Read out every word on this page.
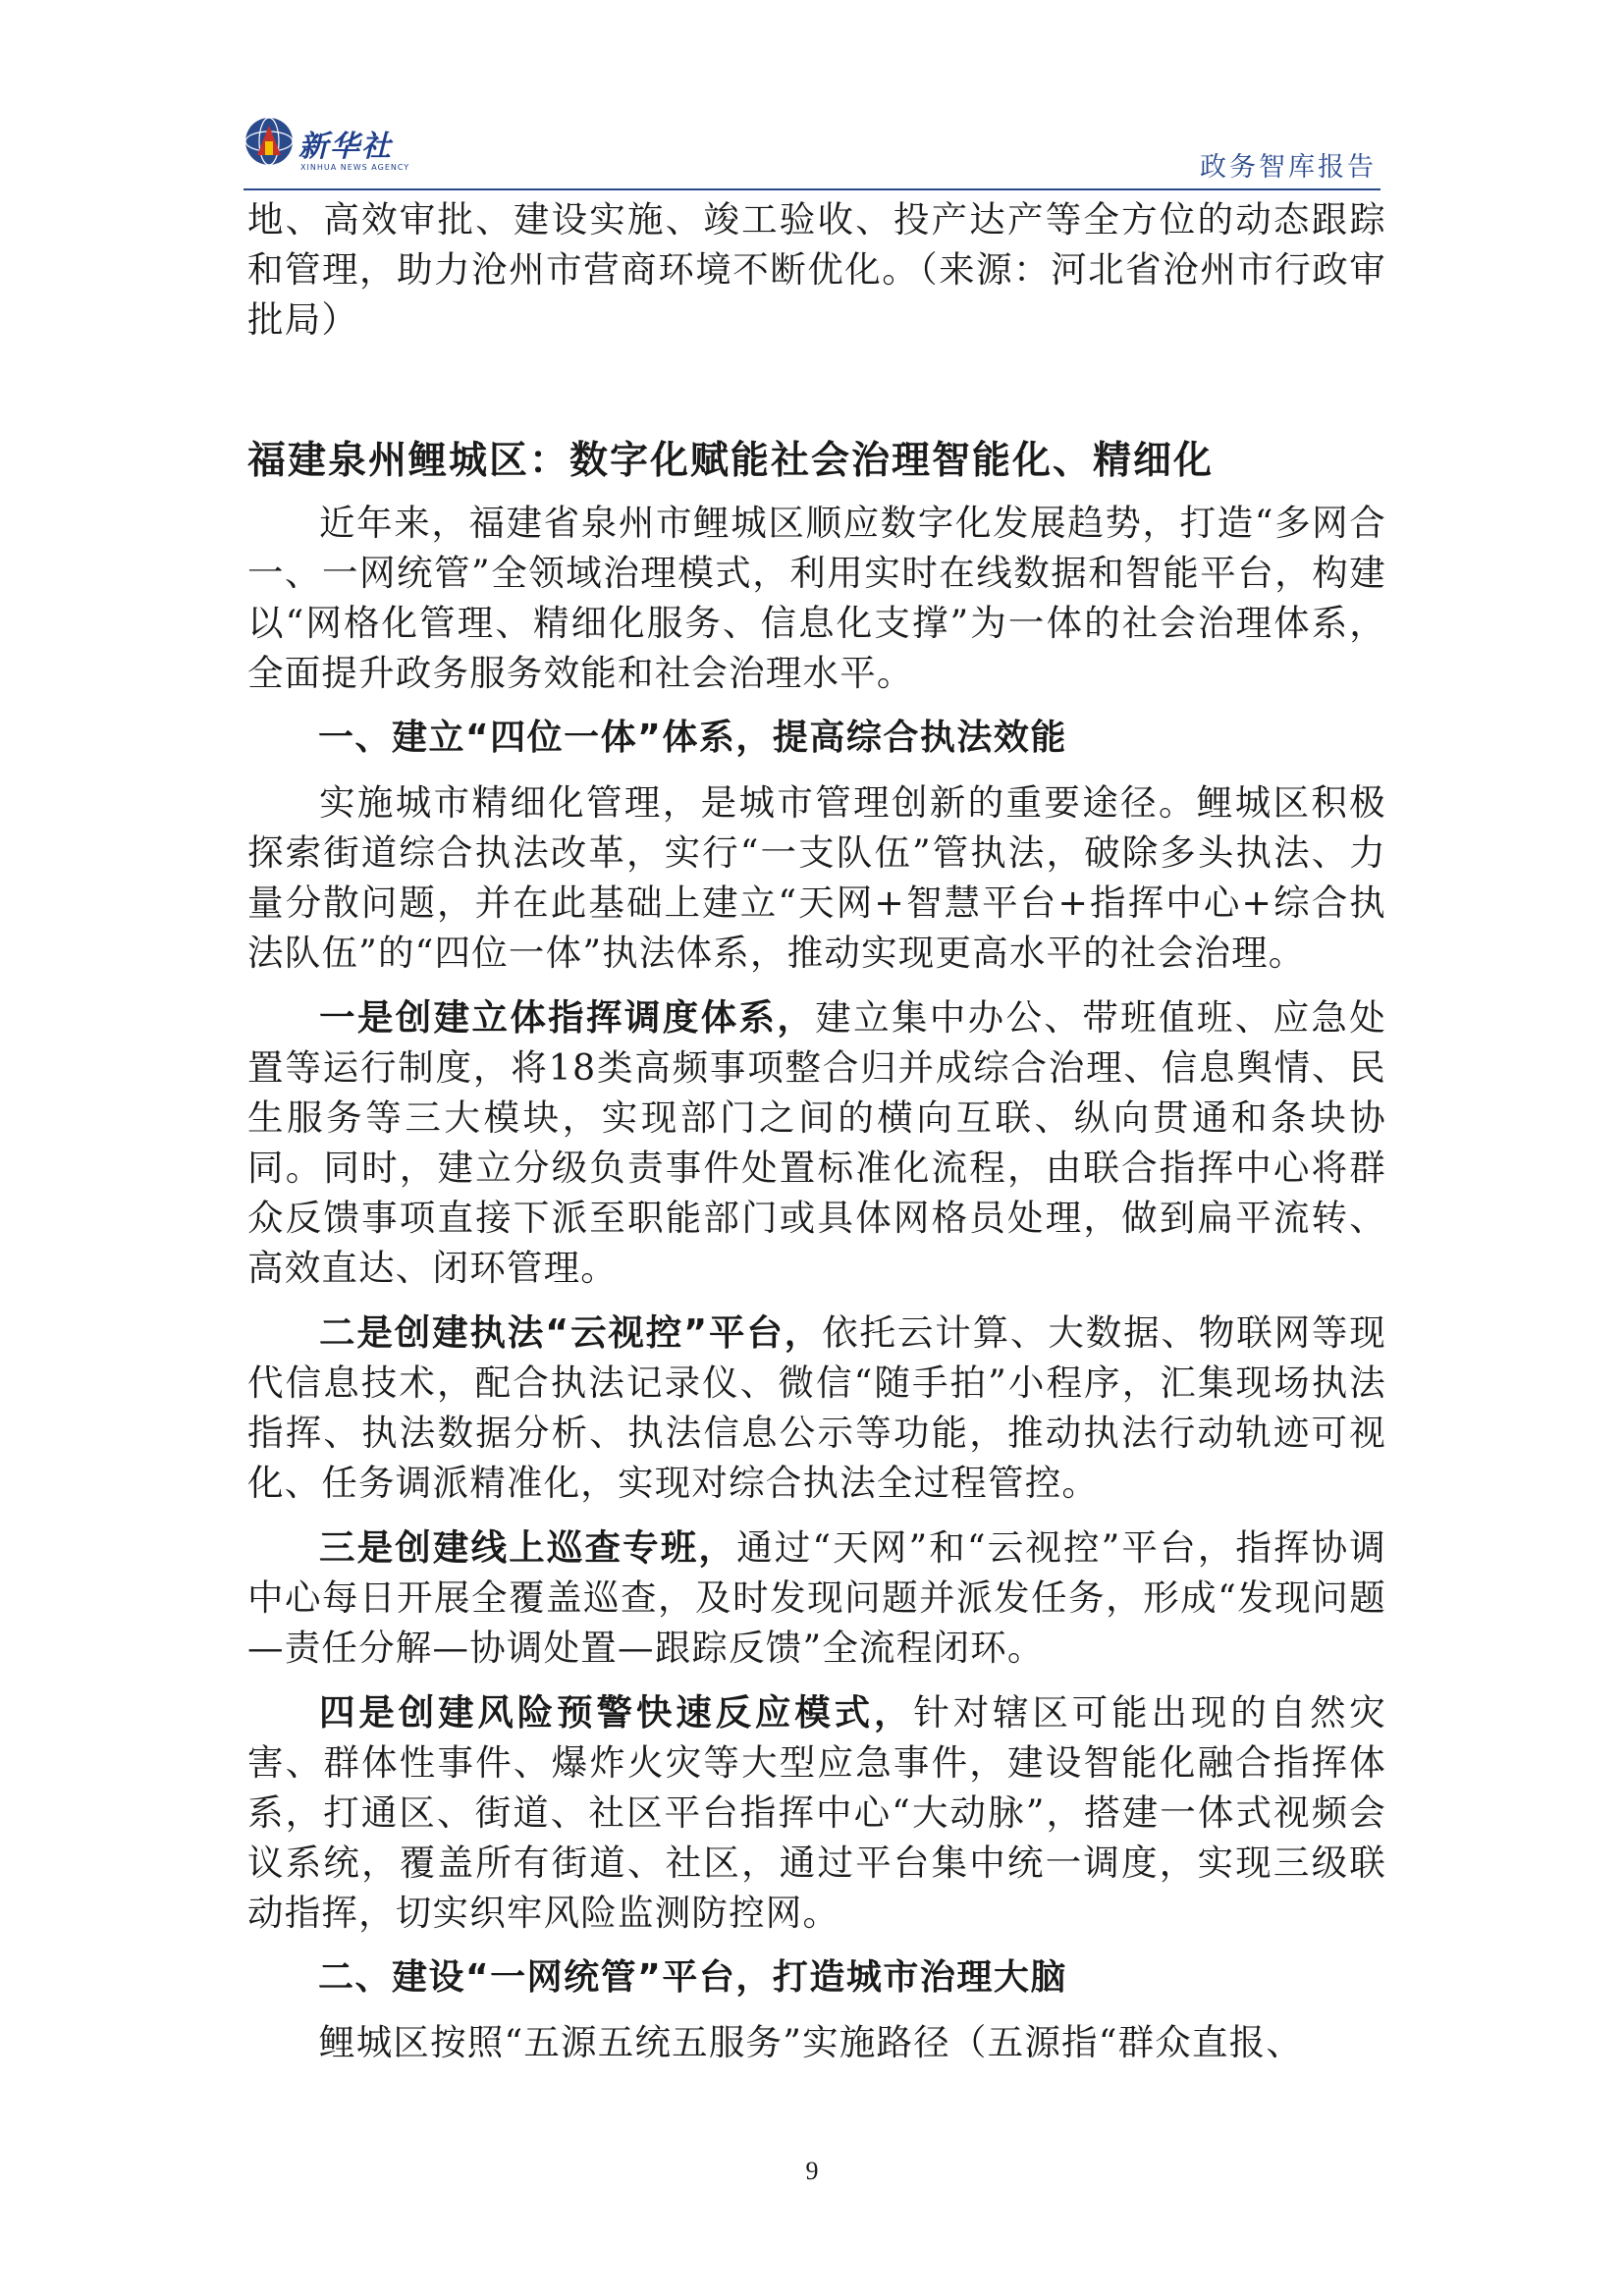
新华社
XINHUA NEWS AGENCY	政务智库报告

地、高效审批、建设实施、竣工验收、投产达产等全方位的动态跟踪和管理，助力沧州市营商环境不断优化。（来源：河北省沧州市行政审批局）

福建泉州鲤城区：数字化赋能社会治理智能化、精细化

近年来，福建省泉州市鲤城区顺应数字化发展趋势，打造“多网合一、一网统管”全领域治理模式，利用实时在线数据和智能平台，构建以“网格化管理、精细化服务、信息化支撑”为一体的社会治理体系，全面提升政务服务效能和社会治理水平。

一、建立“四位一体”体系，提高综合执法效能

实施城市精细化管理，是城市管理创新的重要途径。鲤城区积极探索街道综合执法改革，实行“一支队伍”管执法，破除多头执法、力量分散问题，并在此基础上建立“天网+智慧平台+指挥中心+综合执法队伍”的“四位一体”执法体系，推动实现更高水平的社会治理。

一是创建立体指挥调度体系，建立集中办公、带班值班、应急处置等运行制度，将18类高频事项整合归并成综合治理、信息舆情、民生服务等三大模块，实现部门之间的横向互联、纵向贯通和条块协同。同时，建立分级负责事件处置标准化流程，由联合指挥中心将群众反馈事项直接下派至职能部门或具体网格员处理，做到扁平流转、高效直达、闭环管理。

二是创建执法“云视控”平台，依托云计算、大数据、物联网等现代信息技术，配合执法记录仪、微信“随手拍”小程序，汇集现场执法指挥、执法数据分析、执法信息公示等功能，推动执法行动轨迹可视化、任务调派精准化，实现对综合执法全过程管控。

三是创建线上巡查专班，通过“天网”和“云视控”平台，指挥协调中心每日开展全覆盖巡查，及时发现问题并派发任务，形成“发现问题—责任分解—协调处置—跟踪反馈”全流程闭环。

四是创建风险预警快速反应模式，针对辖区可能出现的自然灾害、群体性事件、爆炸火灾等大型应急事件，建设智能化融合指挥体系，打通区、街道、社区平台指挥中心“大动脉”，搭建一体式视频会议系统，覆盖所有街道、社区，通过平台集中统一调度，实现三级联动指挥，切实织牢风险监测防控网。

二、建设“一网统管”平台，打造城市治理大脑

鲤城区按照“五源五统五服务”实施路径（五源指“群众直报、

9
